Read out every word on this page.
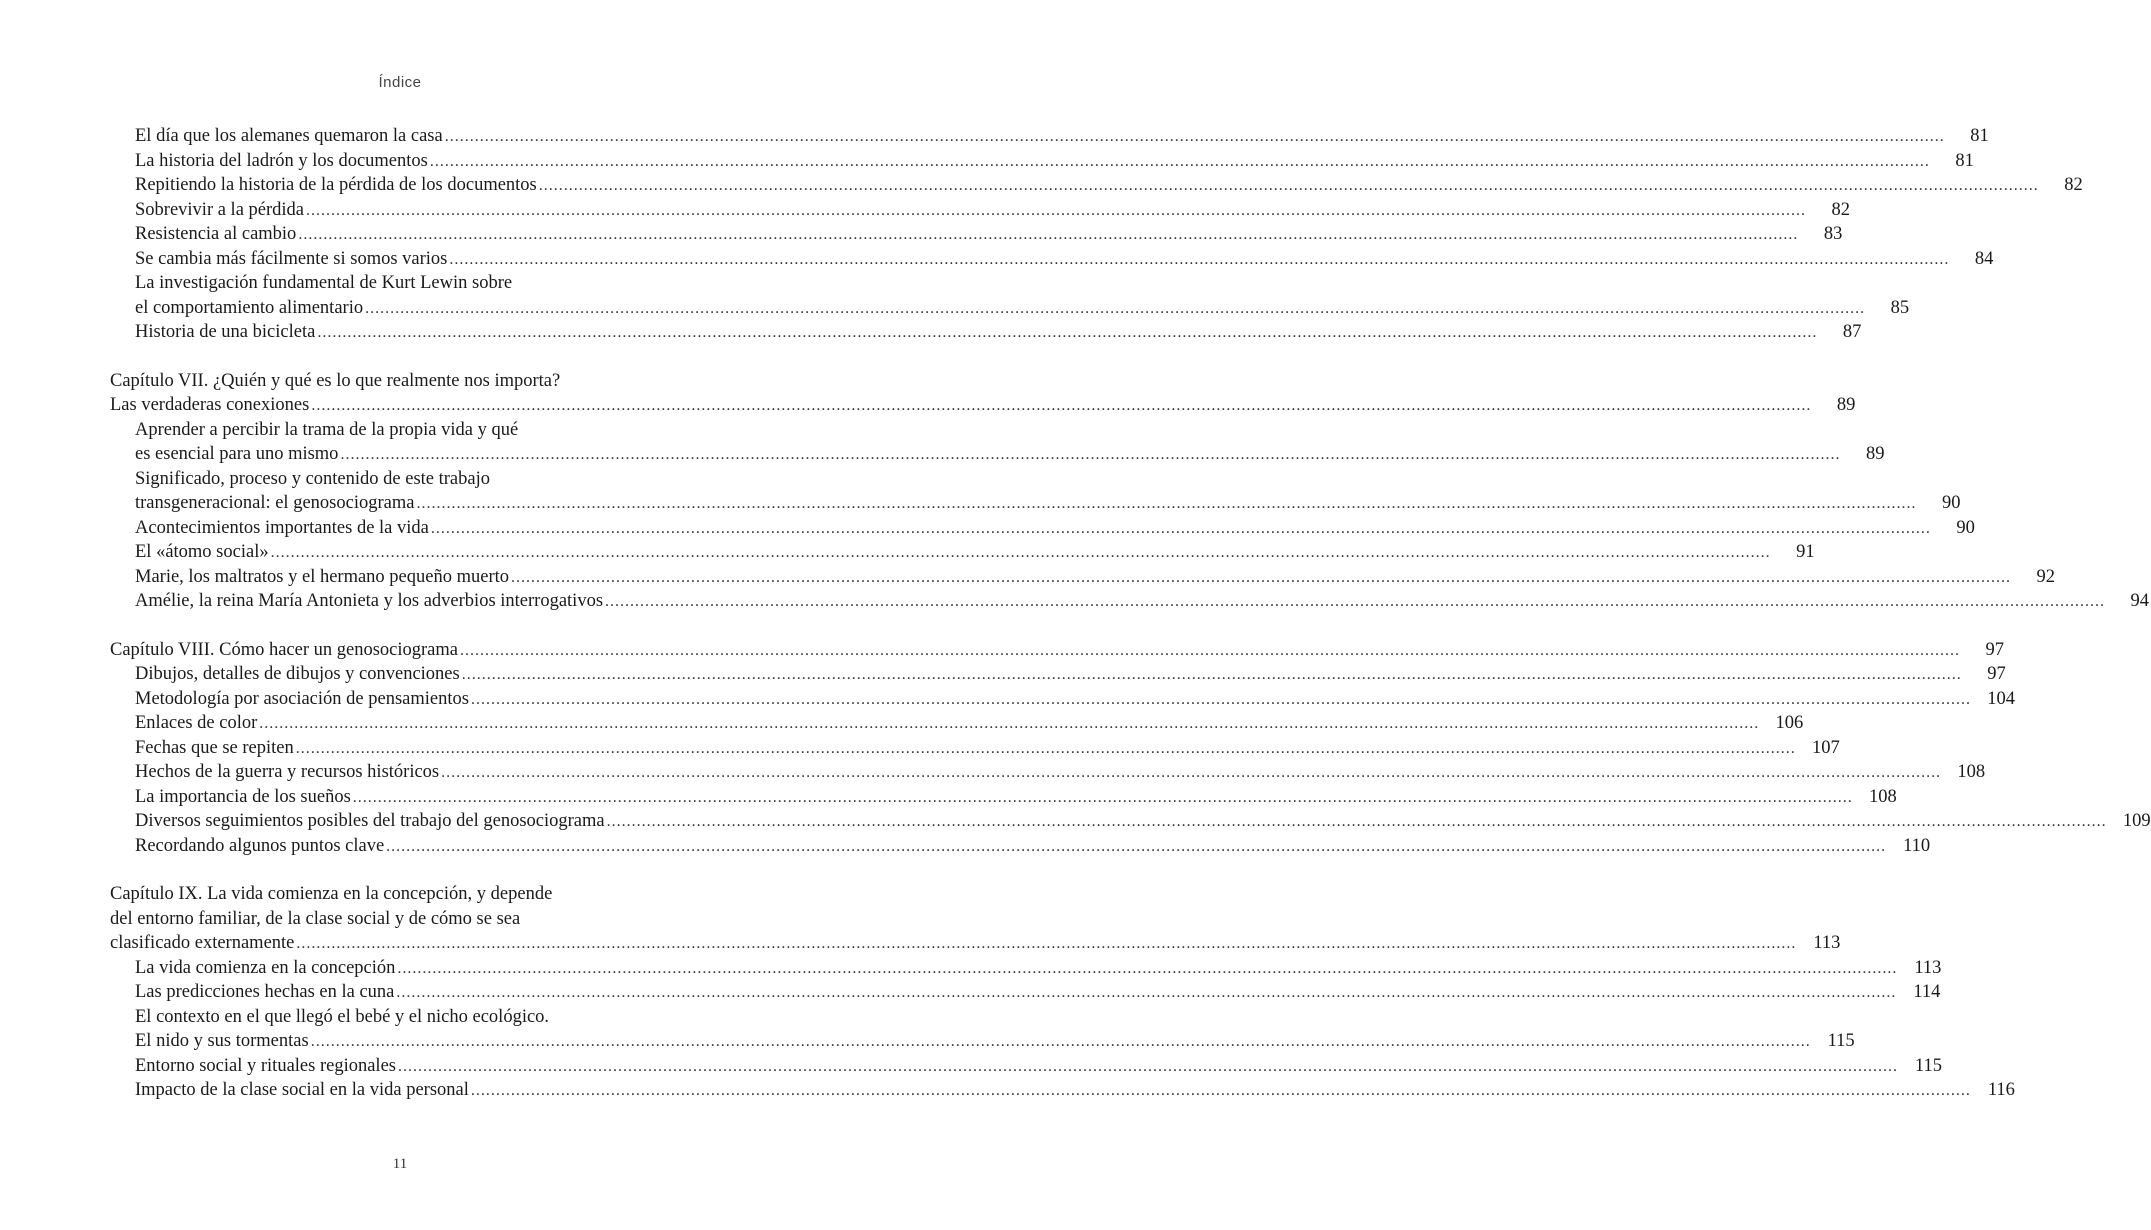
Índice
El día que los alemanes quemaron la casa ............................................................................................................................................................................................................................................................................................................	81
La historia del ladrón y los documentos ............................................................................................................................................................................................................................................................................................................	81
Repitiendo la historia de la pérdida de los documentos ............................................................................................................................................................................................................................................................................................................	82
Sobrevivir a la pérdida ............................................................................................................................................................................................................................................................................................................	82
Resistencia al cambio ............................................................................................................................................................................................................................................................................................................	83
Se cambia más fácilmente si somos varios ............................................................................................................................................................................................................................................................................................................	84
La investigación fundamental de Kurt Lewin sobre
el comportamiento alimentario ............................................................................................................................................................................................................................................................................................................	85
Historia de una bicicleta ............................................................................................................................................................................................................................................................................................................	87
Capítulo VII. ¿Quién y qué es lo que realmente nos importa?
Las verdaderas conexiones ............................................................................................................................................................................................................................................................................................................	89
Aprender a percibir la trama de la propia vida y qué
es esencial para uno mismo ............................................................................................................................................................................................................................................................................................................	89
Significado, proceso y contenido de este trabajo
transgeneracional: el genosociograma ............................................................................................................................................................................................................................................................................................................	90
Acontecimientos importantes de la vida ............................................................................................................................................................................................................................................................................................................	90
El «átomo social» ............................................................................................................................................................................................................................................................................................................	91
Marie, los maltratos y el hermano pequeño muerto ............................................................................................................................................................................................................................................................................................................	92
Amélie, la reina María Antonieta y los adverbios interrogativos ............................................................................................................................................................................................................................................................................................................	94
Capítulo VIII. Cómo hacer un genosociograma ............................................................................................................................................................................................................................................................................................................	97
Dibujos, detalles de dibujos y convenciones ............................................................................................................................................................................................................................................................................................................	97
Metodología por asociación de pensamientos ............................................................................................................................................................................................................................................................................................................ 104
Enlaces de color ............................................................................................................................................................................................................................................................................................................ 106
Fechas que se repiten ............................................................................................................................................................................................................................................................................................................ 107
Hechos de la guerra y recursos históricos ............................................................................................................................................................................................................................................................................................................ 108
La importancia de los sueños ............................................................................................................................................................................................................................................................................................................ 108
Diversos seguimientos posibles del trabajo del genosociograma ............................................................................................................................................................................................................................................................................................................ 109
Recordando algunos puntos clave ............................................................................................................................................................................................................................................................................................................ 110
Capítulo IX. La vida comienza en la concepción, y depende
del entorno familiar, de la clase social y de cómo se sea
clasificado externamente ............................................................................................................................................................................................................................................................................................................ 113
La vida comienza en la concepción ............................................................................................................................................................................................................................................................................................................ 113
Las predicciones hechas en la cuna ............................................................................................................................................................................................................................................................................................................ 114
El contexto en el que llegó el bebé y el nicho ecológico.
El nido y sus tormentas ............................................................................................................................................................................................................................................................................................................ 115
Entorno social y rituales regionales ............................................................................................................................................................................................................................................................................................................ 115
Impacto de la clase social en la vida personal ............................................................................................................................................................................................................................................................................................................ 116
11
